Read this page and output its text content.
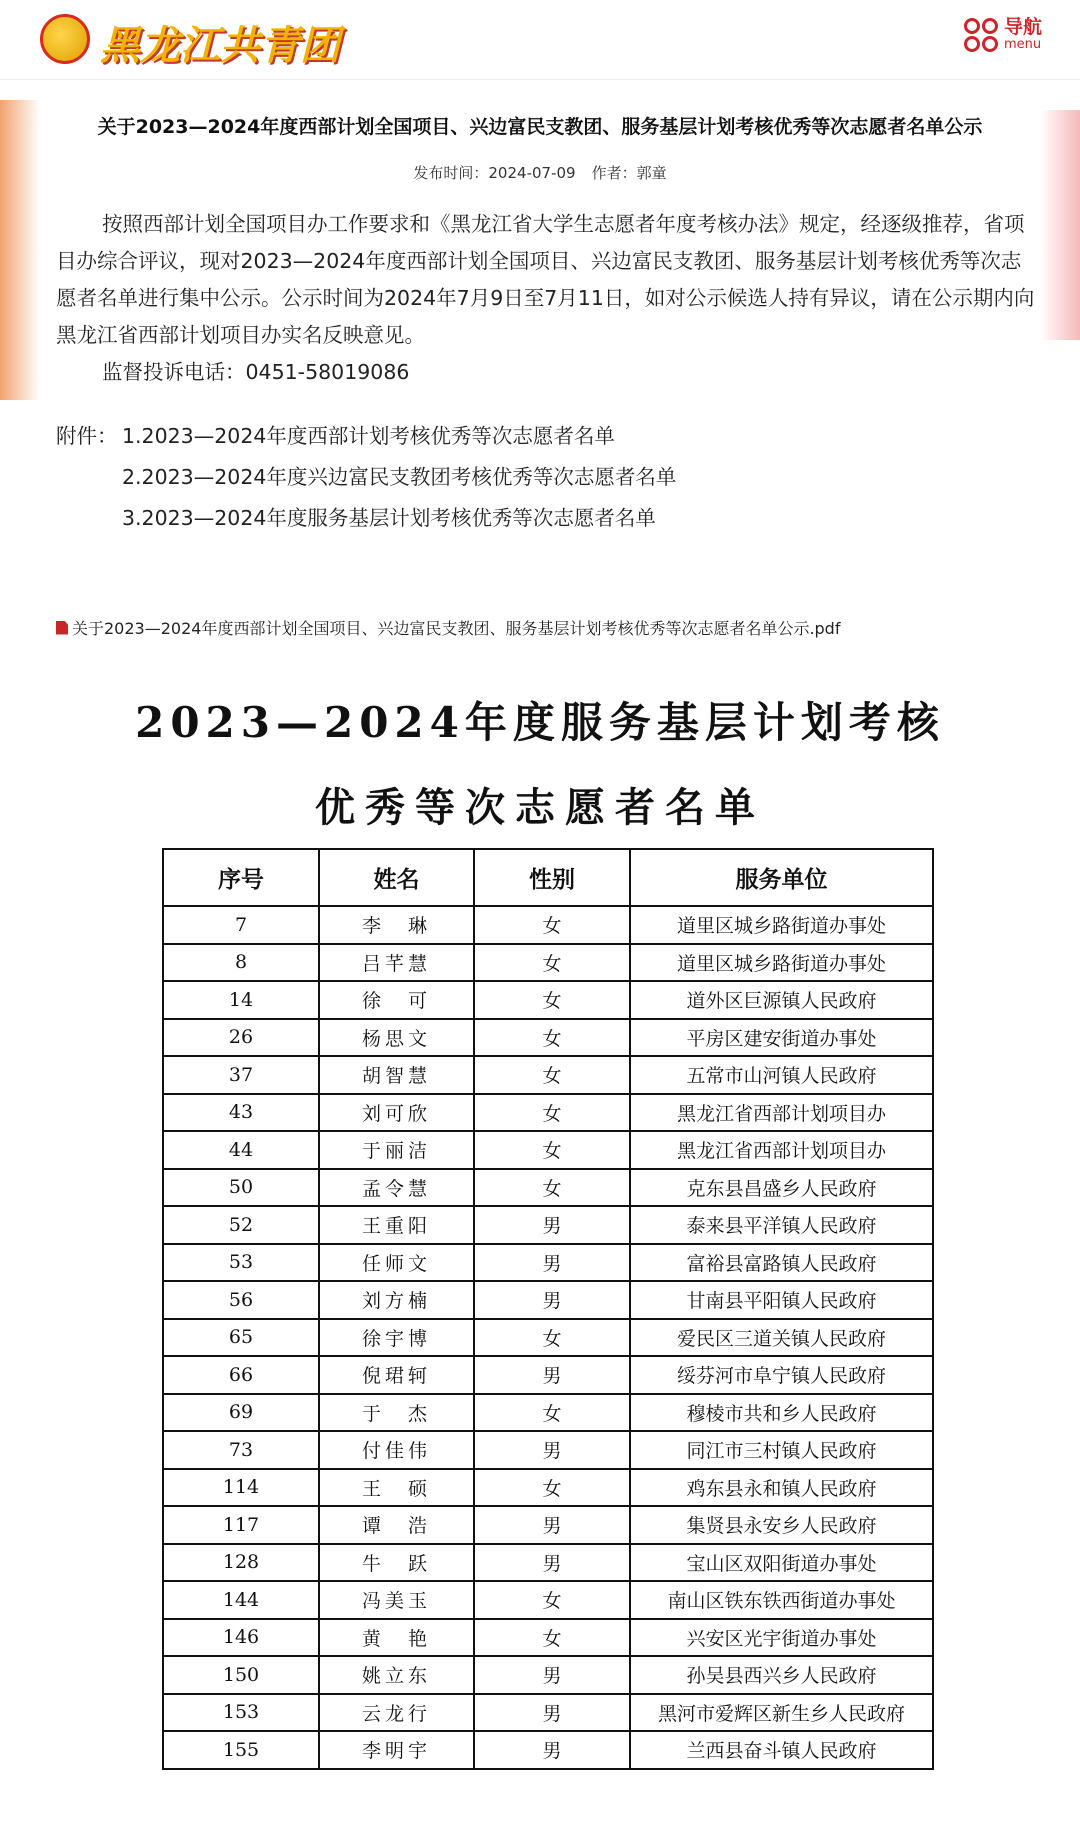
黑龙江共青团	导航
menu
关于2023—2024年度西部计划全国项目、兴边富民支教团、服务基层计划考核优秀等次志愿者名单公示
发布时间：2024-07-09 作者：郭童

按照西部计划全国项目办工作要求和《黑龙江省大学生志愿者年度考核办法》规定，经逐级推荐，省项目办综合评议，现对2023—2024年度西部计划全国项目、兴边富民支教团、服务基层计划考核优秀等次志愿者名单进行集中公示。公示时间为2024年7月9日至7月11日，如对公示候选人持有异议，请在公示期内向黑龙江省西部计划项目办实名反映意见。

监督投诉电话：0451-58019086

附件： 1.2023—2024年度西部计划考核优秀等次志愿者名单
2.2023—2024年度兴边富民支教团考核优秀等次志愿者名单
3.2023—2024年度服务基层计划考核优秀等次志愿者名单
关于2023—2024年度西部计划全国项目、兴边富民支教团、服务基层计划考核优秀等次志愿者名单公示.pdf
2023—2024年度服务基层计划考核
优秀等次志愿者名单
序号	姓名	性别	服务单位
7	李　琳	女	道里区城乡路街道办事处
8	吕芊慧	女	道里区城乡路街道办事处
14	徐　可	女	道外区巨源镇人民政府
26	杨思文	女	平房区建安街道办事处
37	胡智慧	女	五常市山河镇人民政府
43	刘可欣	女	黑龙江省西部计划项目办
44	于丽洁	女	黑龙江省西部计划项目办
50	孟令慧	女	克东县昌盛乡人民政府
52	王重阳	男	泰来县平洋镇人民政府
53	任师文	男	富裕县富路镇人民政府
56	刘方楠	男	甘南县平阳镇人民政府
65	徐宇博	女	爱民区三道关镇人民政府
66	倪珺轲	男	绥芬河市阜宁镇人民政府
69	于　杰	女	穆棱市共和乡人民政府
73	付佳伟	男	同江市三村镇人民政府
114	王　硕	女	鸡东县永和镇人民政府
117	谭　浩	男	集贤县永安乡人民政府
128	牛　跃	男	宝山区双阳街道办事处
144	冯美玉	女	南山区铁东铁西街道办事处
146	黄　艳	女	兴安区光宇街道办事处
150	姚立东	男	孙吴县西兴乡人民政府
153	云龙行	男	黑河市爱辉区新生乡人民政府
155	李明宇	男	兰西县奋斗镇人民政府
